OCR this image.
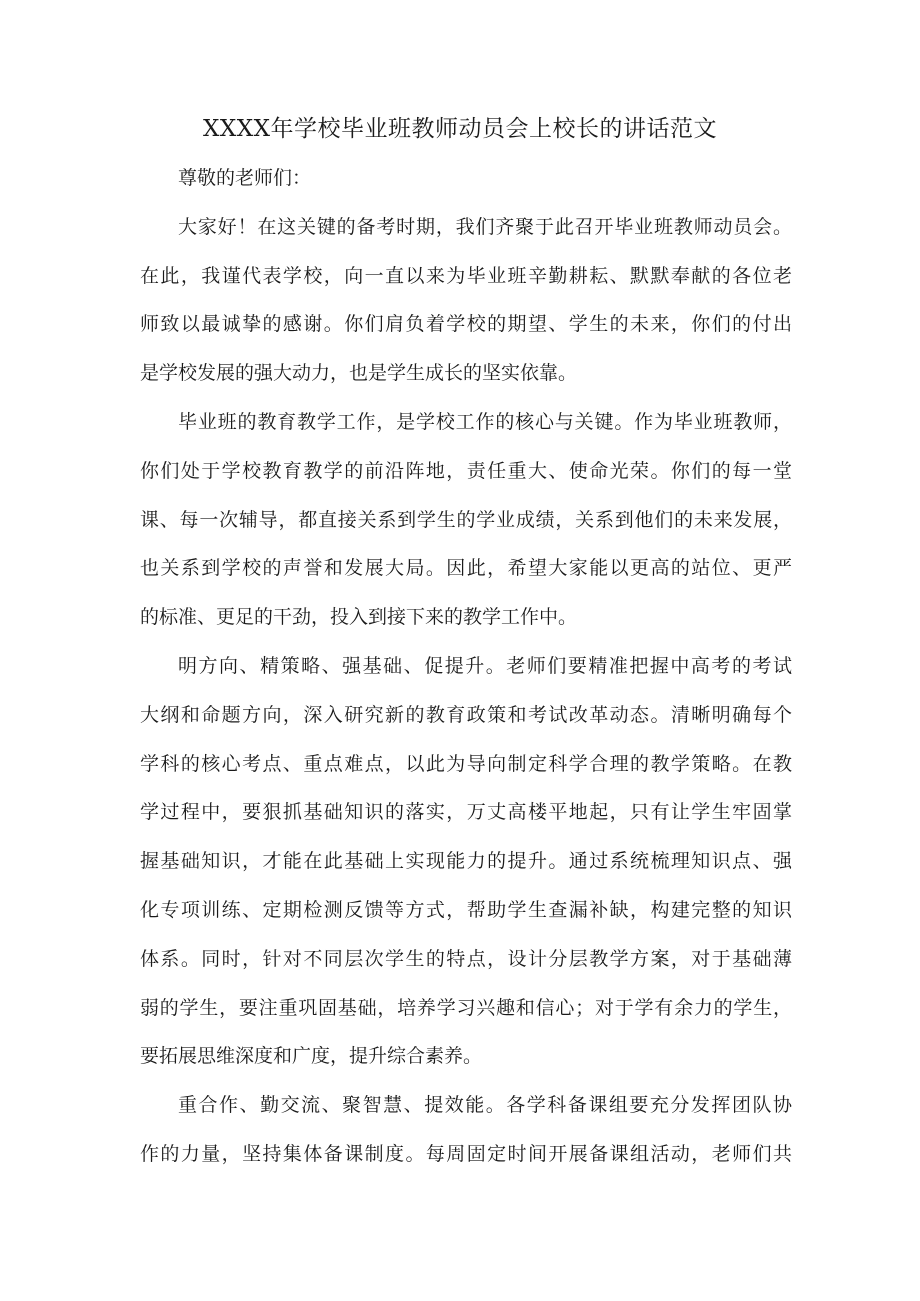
XXXX年学校毕业班教师动员会上校长的讲话范文
尊敬的老师们：

大家好！在这关键的备考时期，我们齐聚于此召开毕业班教师动员会。
在此，我谨代表学校，向一直以来为毕业班辛勤耕耘、默默奉献的各位老
师致以最诚挚的感谢。你们肩负着学校的期望、学生的未来，你们的付出
是学校发展的强大动力，也是学生成长的坚实依靠。

毕业班的教育教学工作，是学校工作的核心与关键。作为毕业班教师，
你们处于学校教育教学的前沿阵地，责任重大、使命光荣。你们的每一堂
课、每一次辅导，都直接关系到学生的学业成绩，关系到他们的未来发展，
也关系到学校的声誉和发展大局。因此，希望大家能以更高的站位、更严
的标准、更足的干劲，投入到接下来的教学工作中。

明方向、精策略、强基础、促提升。老师们要精准把握中高考的考试
大纲和命题方向，深入研究新的教育政策和考试改革动态。清晰明确每个
学科的核心考点、重点难点，以此为导向制定科学合理的教学策略。在教
学过程中，要狠抓基础知识的落实，万丈高楼平地起，只有让学生牢固掌
握基础知识，才能在此基础上实现能力的提升。通过系统梳理知识点、强
化专项训练、定期检测反馈等方式，帮助学生查漏补缺，构建完整的知识
体系。同时，针对不同层次学生的特点，设计分层教学方案，对于基础薄
弱的学生，要注重巩固基础，培养学习兴趣和信心；对于学有余力的学生，
要拓展思维深度和广度，提升综合素养。

重合作、勤交流、聚智慧、提效能。各学科备课组要充分发挥团队协
作的力量，坚持集体备课制度。每周固定时间开展备课组活动，老师们共
